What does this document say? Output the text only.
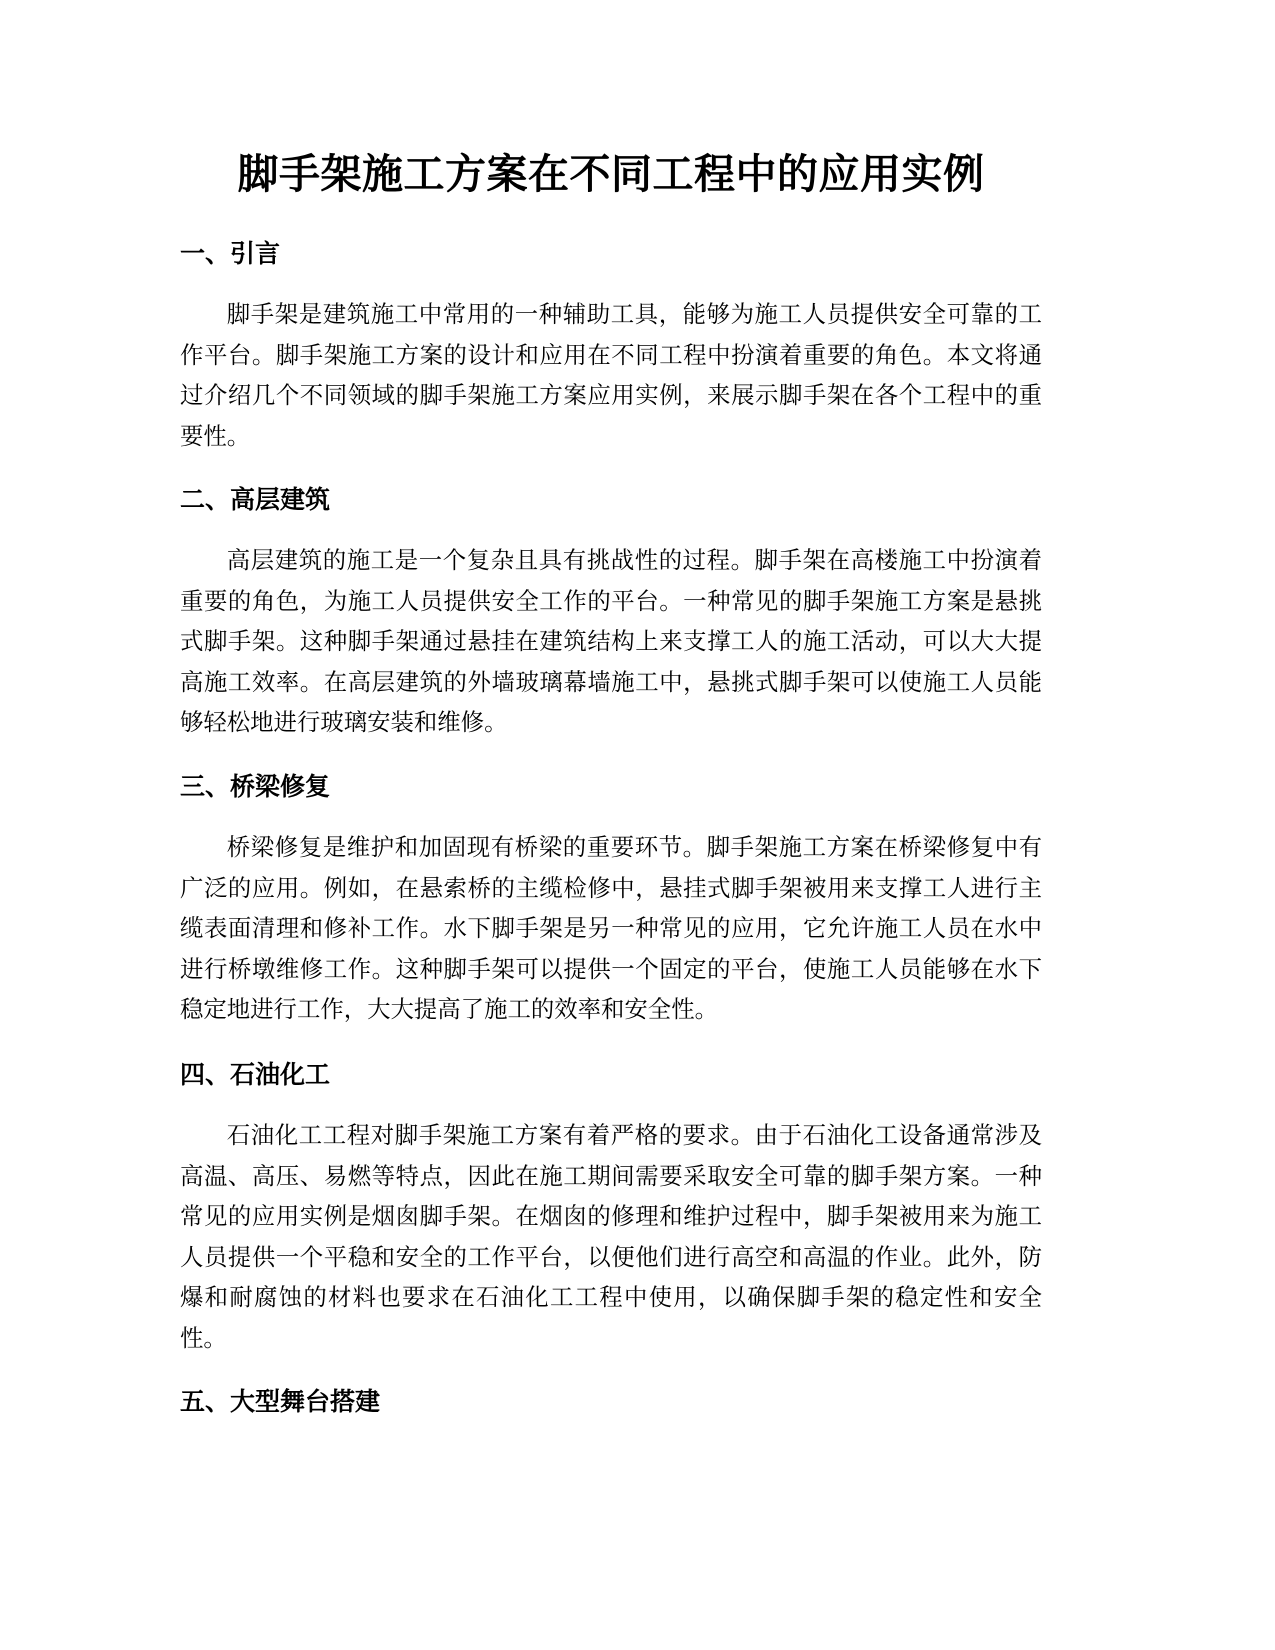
脚手架施工方案在不同工程中的应用实例
一、引言

脚手架是建筑施工中常用的一种辅助工具，能够为施工人员提供安全可靠的工作平台。脚手架施工方案的设计和应用在不同工程中扮演着重要的角色。本文将通过介绍几个不同领域的脚手架施工方案应用实例，来展示脚手架在各个工程中的重要性。

二、高层建筑

高层建筑的施工是一个复杂且具有挑战性的过程。脚手架在高楼施工中扮演着重要的角色，为施工人员提供安全工作的平台。一种常见的脚手架施工方案是悬挑式脚手架。这种脚手架通过悬挂在建筑结构上来支撑工人的施工活动，可以大大提高施工效率。在高层建筑的外墙玻璃幕墙施工中，悬挑式脚手架可以使施工人员能够轻松地进行玻璃安装和维修。

三、桥梁修复

桥梁修复是维护和加固现有桥梁的重要环节。脚手架施工方案在桥梁修复中有广泛的应用。例如，在悬索桥的主缆检修中，悬挂式脚手架被用来支撑工人进行主缆表面清理和修补工作。水下脚手架是另一种常见的应用，它允许施工人员在水中进行桥墩维修工作。这种脚手架可以提供一个固定的平台，使施工人员能够在水下稳定地进行工作，大大提高了施工的效率和安全性。

四、石油化工

石油化工工程对脚手架施工方案有着严格的要求。由于石油化工设备通常涉及高温、高压、易燃等特点，因此在施工期间需要采取安全可靠的脚手架方案。一种常见的应用实例是烟囱脚手架。在烟囱的修理和维护过程中，脚手架被用来为施工人员提供一个平稳和安全的工作平台，以便他们进行高空和高温的作业。此外，防爆和耐腐蚀的材料也要求在石油化工工程中使用，以确保脚手架的稳定性和安全性。

五、大型舞台搭建
